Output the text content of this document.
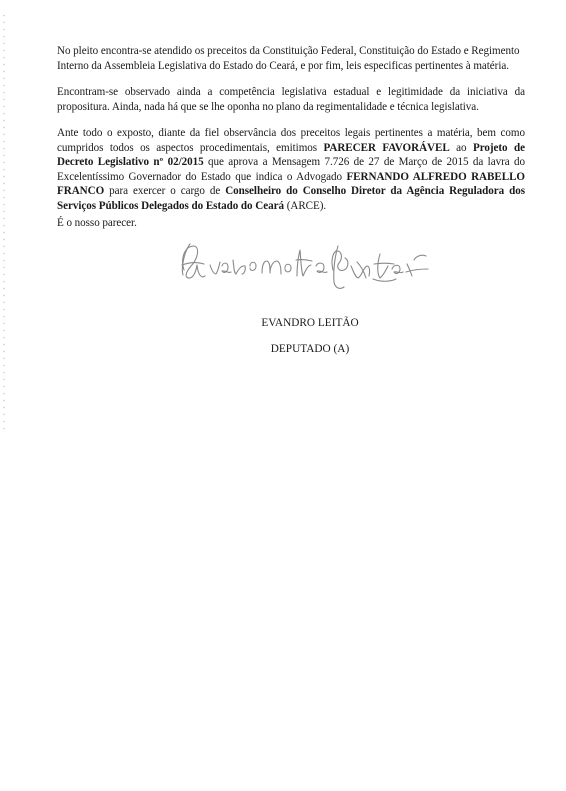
No pleito encontra-se atendido os preceitos da Constituição Federal, Constituição do Estado e Regimento Interno da Assembleia Legislativa do Estado do Ceará, e por fim, leis especificas pertinentes à matéria.

Encontram-se observado ainda a competência legislativa estadual e legitimidade da iniciativa da propositura. Ainda, nada há que se lhe oponha no plano da regimentalidade e técnica legislativa.

Ante todo o exposto, diante da fiel observância dos preceitos legais pertinentes a matéria, bem como cumpridos todos os aspectos procedimentais, emitimos PARECER FAVORÁVEL ao Projeto de Decreto Legislativo nº 02/2015 que aprova a Mensagem 7.726 de 27 de Março de 2015 da lavra do Excelentíssimo Governador do Estado que indica o Advogado FERNANDO ALFREDO RABELLO FRANCO para exercer o cargo de Conselheiro do Conselho Diretor da Agência Reguladora dos Serviços Públicos Delegados do Estado do Ceará (ARCE).

É o nosso parecer.

EVANDRO LEITÃO

DEPUTADO (A)
